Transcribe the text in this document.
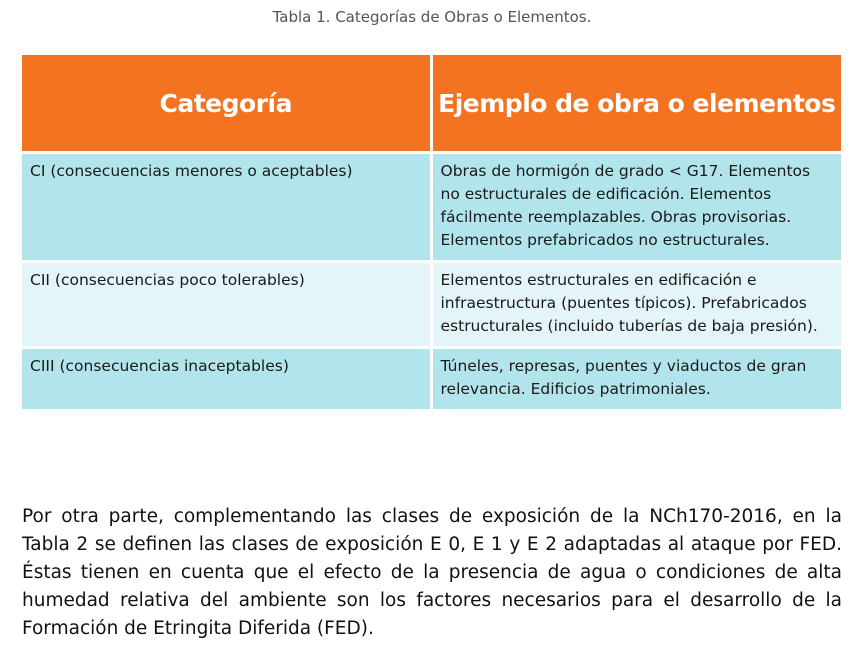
Tabla 1. Categorías de Obras o Elementos.
Categoría	Ejemplo de obra o elementos
CI (consecuencias menores o aceptables)	Obras de hormigón de grado < G17. Elementos no estructurales de edificación. Elementos fácilmente reemplazables. Obras provisorias. Elementos prefabricados no estructurales.
CII (consecuencias poco tolerables)	Elementos estructurales en edificación e infraestructura (puentes típicos). Prefabricados estructurales (incluido tuberías de baja presión).
CIII (consecuencias inaceptables)	Túneles, represas, puentes y viaductos de gran relevancia. Edificios patrimoniales.

Por otra parte, complementando las clases de exposición de la NCh170-2016, en la Tabla 2 se definen las clases de exposición E 0, E 1 y E 2 adaptadas al ataque por FED. Éstas tienen en cuenta que el efecto de la presencia de agua o condiciones de alta humedad relativa del ambiente son los factores necesarios para el desarrollo de la Formación de Etringita Diferida (FED).
